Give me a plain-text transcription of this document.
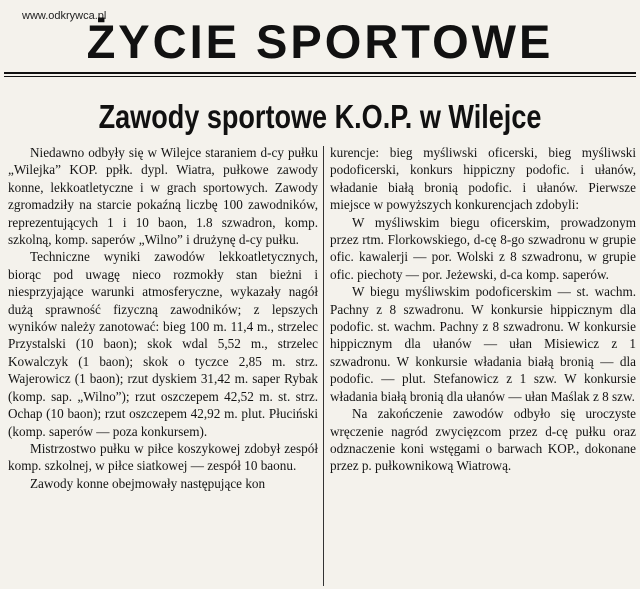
www.odkrywca.pl
ŻYCIE SPORTOWE
Zawody sportowe K.O.P. w Wilejce

Niedawno odbyły się w Wilejce staraniem d-cy pułku „Wilejka” KOP. ppłk. dypl. Wiatra, pułkowe zawody konne, lekkoatletyczne i w grach sportowych. Zawody zgromadziły na starcie pokaźną liczbę 100 zawodników, reprezentujących 1 i 10 baon, 1.8 szwadron, komp. szkolną, komp. saperów „Wilno” i drużynę d-cy pułku.

Techniczne wyniki zawodów lekkoatletycznych, biorąc pod uwagę nieco rozmokły stan bieżni i niesprzyjające warunki atmosferyczne, wykazały nagół dużą sprawność fizyczną zawodników; z lepszych wyników należy zanotować: bieg 100 m. 11,4 m., strzelec Przystalski (10 baon); skok wdal 5,52 m., strzelec Kowalczyk (1 baon); skok o tyczce 2,85 m. strz. Wajerowicz (1 baon); rzut dyskiem 31,42 m. saper Rybak (komp. sap. „Wilno”); rzut oszczepem 42,52 m. st. strz. Ochap (10 baon); rzut oszczepem 42,92 m. plut. Płuciński (komp. saperów — poza konkursem).

Mistrzostwo pułku w piłce koszykowej zdobył zespół komp. szkolnej, w piłce siatkowej — zespół 10 baonu.

Zawody konne obejmowały następujące kon

kurencje: bieg myśliwski oficerski, bieg myśliwski podoficerski, konkurs hippiczny podofic. i ułanów, władanie białą bronią podofic. i ułanów. Pierwsze miejsce w powyższych konkurencjach zdobyli:

W myśliwskim biegu oficerskim, prowadzonym przez rtm. Florkowskiego, d-cę 8-go szwadronu w grupie ofic. kawalerji — por. Wolski z 8 szwadronu, w grupie ofic. piechoty — por. Jeżewski, d-ca komp. saperów.

W biegu myśliwskim podoficerskim — st. wachm. Pachny z 8 szwadronu. W konkursie hippicznym dla podofic. st. wachm. Pachny z 8 szwadronu. W konkursie hippicznym dla ułanów — ułan Misiewicz z 1 szwadronu. W konkursie władania białą bronią — dla podofic. — plut. Stefanowicz z 1 szw. W konkursie władania białą bronią dla ułanów — ułan Maślak z 8 szw.

Na zakończenie zawodów odbyło się uroczyste wręczenie nagród zwycięzcom przez d-cę pułku oraz odznaczenie koni wstęgami o barwach KOP., dokonane przez p. pułkownikową Wiatrową.
